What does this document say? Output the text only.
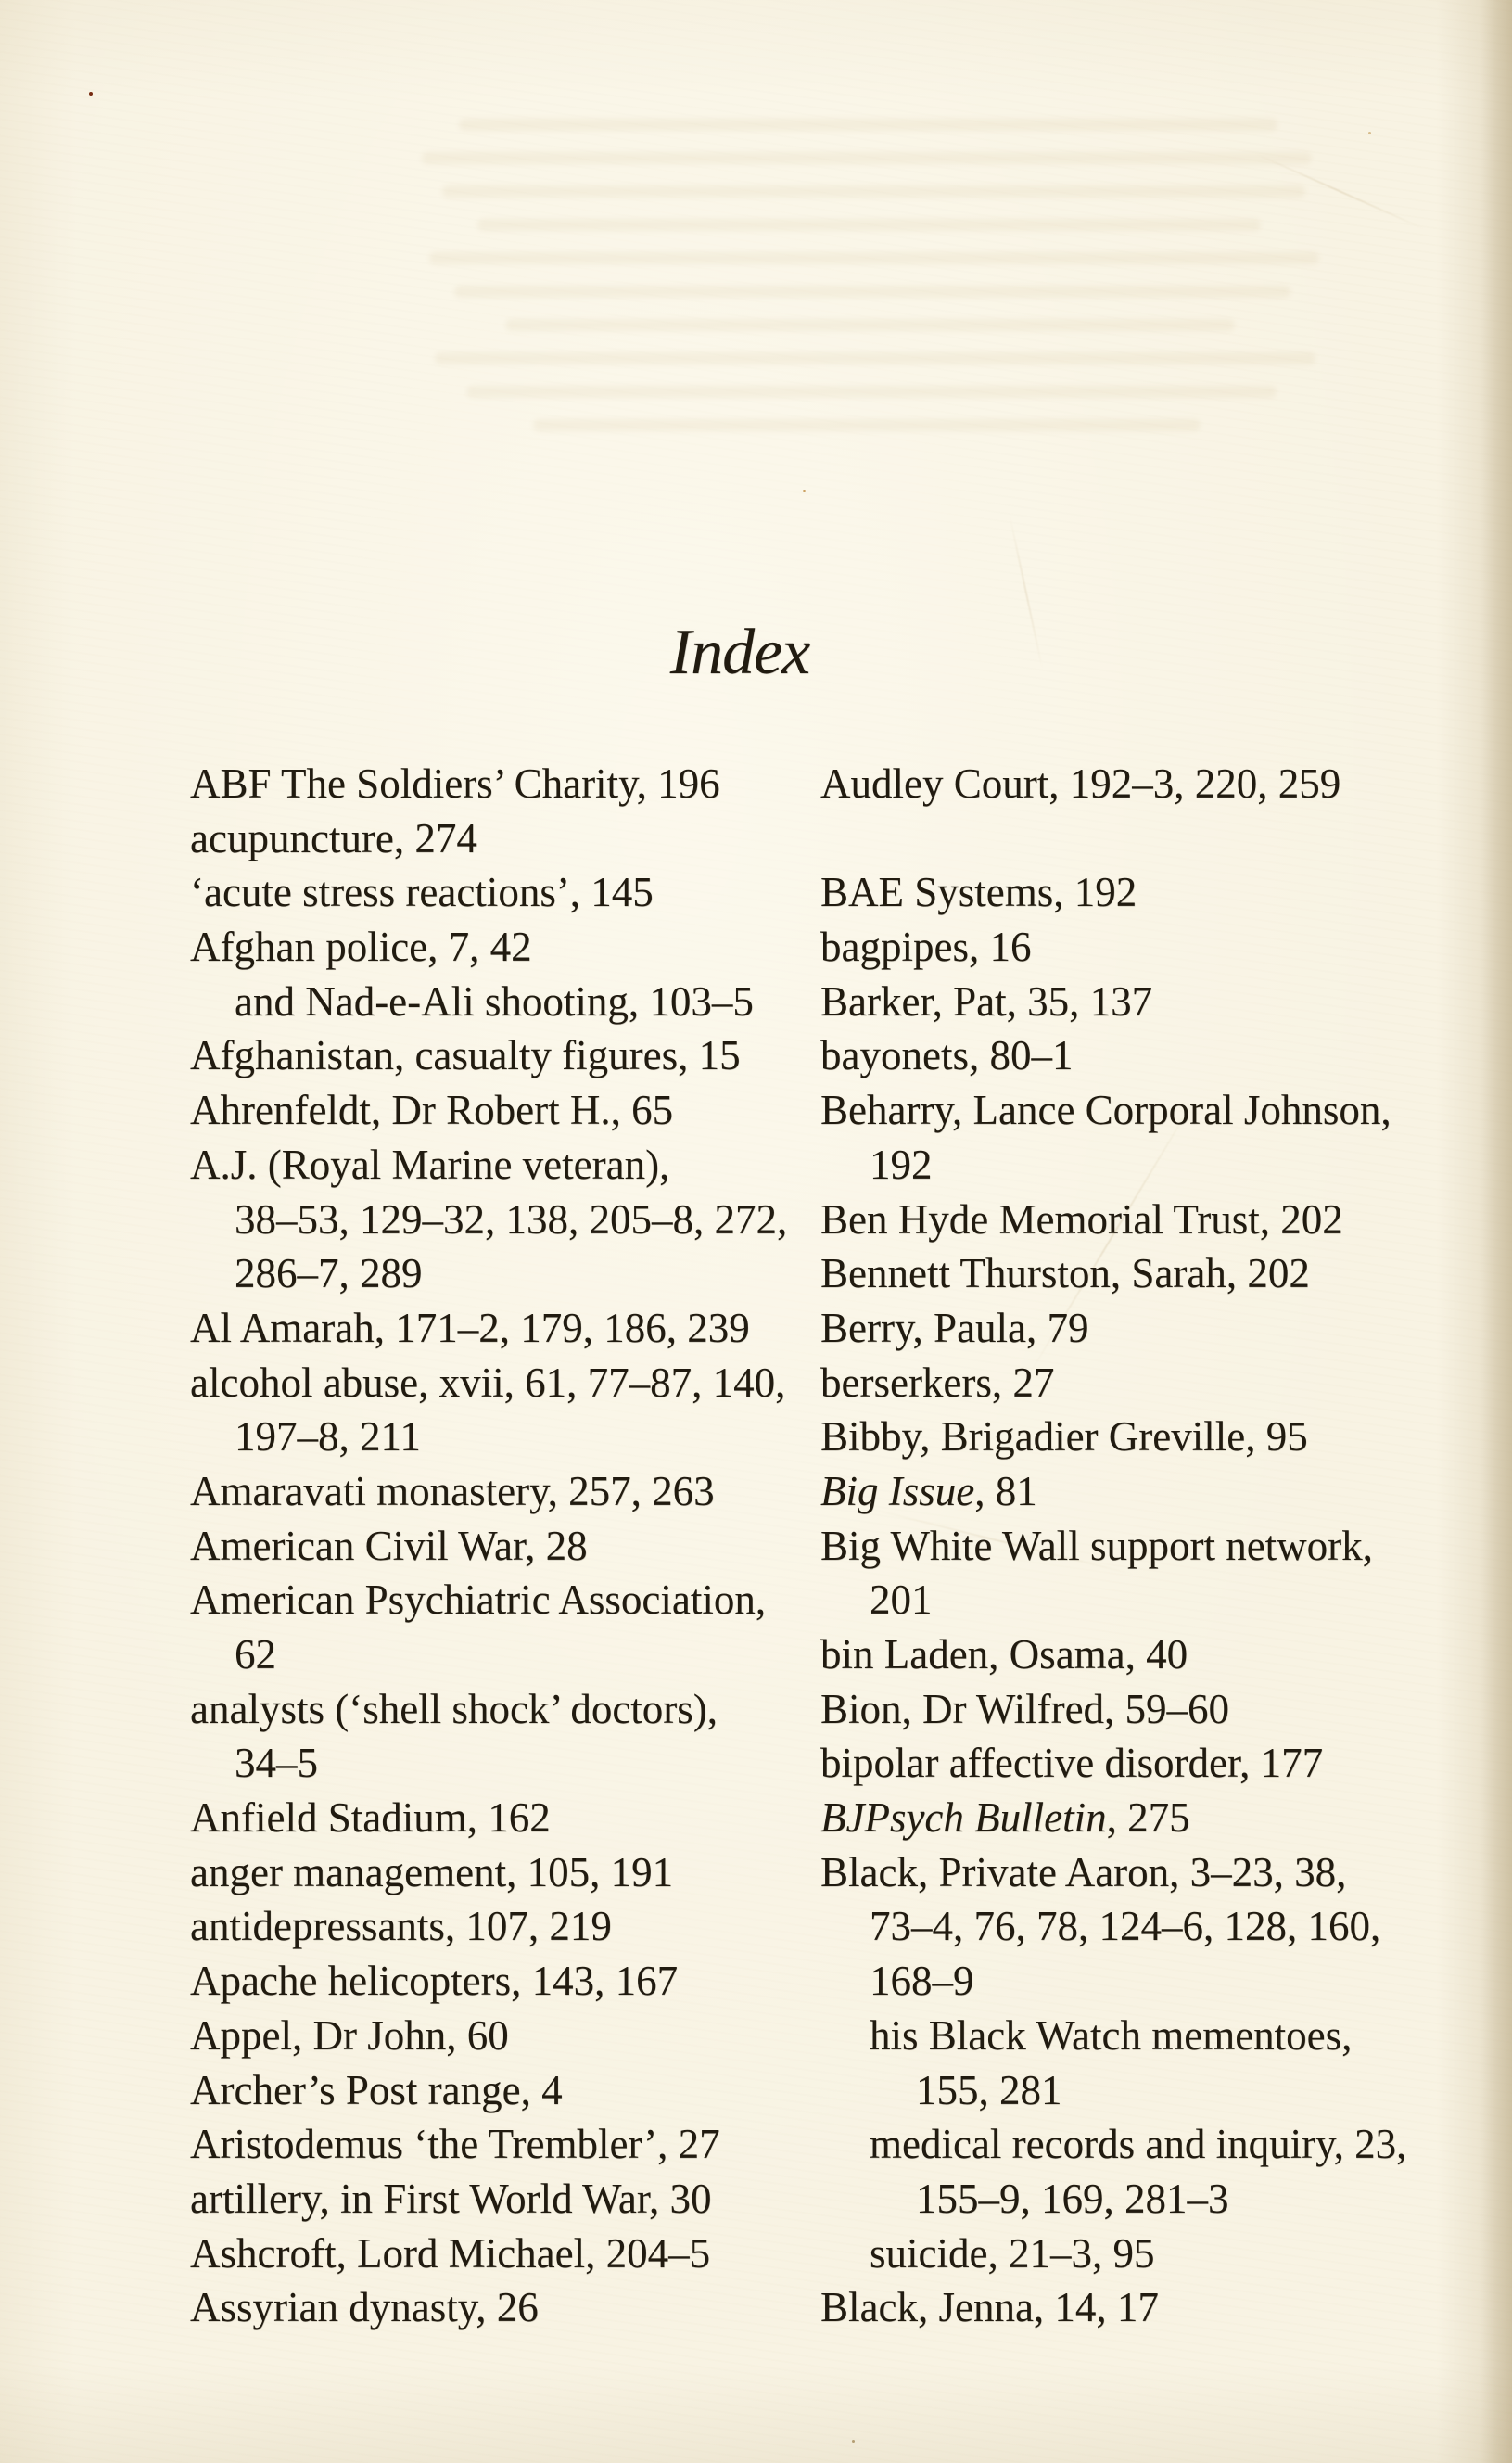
Index
ABF The Soldiers’ Charity, 196
acupuncture, 274
‘acute stress reactions’, 145
Afghan police, 7, 42
and Nad-e-Ali shooting, 103–5
Afghanistan, casualty figures, 15
Ahrenfeldt, Dr Robert H., 65
A.J. (Royal Marine veteran),
38–53, 129–32, 138, 205–8, 272,
286–7, 289
Al Amarah, 171–2, 179, 186, 239
alcohol abuse, xvii, 61, 77–87, 140,
197–8, 211
Amaravati monastery, 257, 263
American Civil War, 28
American Psychiatric Association,
62
analysts (‘shell shock’ doctors),
34–5
Anfield Stadium, 162
anger management, 105, 191
antidepressants, 107, 219
Apache helicopters, 143, 167
Appel, Dr John, 60
Archer’s Post range, 4
Aristodemus ‘the Trembler’, 27
artillery, in First World War, 30
Ashcroft, Lord Michael, 204–5
Assyrian dynasty, 26
Audley Court, 192–3, 220, 259

BAE Systems, 192
bagpipes, 16
Barker, Pat, 35, 137
bayonets, 80–1
Beharry, Lance Corporal Johnson,
192
Ben Hyde Memorial Trust, 202
Bennett Thurston, Sarah, 202
Berry, Paula, 79
berserkers, 27
Bibby, Brigadier Greville, 95
Big Issue, 81
Big White Wall support network,
201
bin Laden, Osama, 40
Bion, Dr Wilfred, 59–60
bipolar affective disorder, 177
BJPsych Bulletin, 275
Black, Private Aaron, 3–23, 38,
73–4, 76, 78, 124–6, 128, 160,
168–9
his Black Watch mementoes,
155, 281
medical records and inquiry, 23,
155–9, 169, 281–3
suicide, 21–3, 95
Black, Jenna, 14, 17
